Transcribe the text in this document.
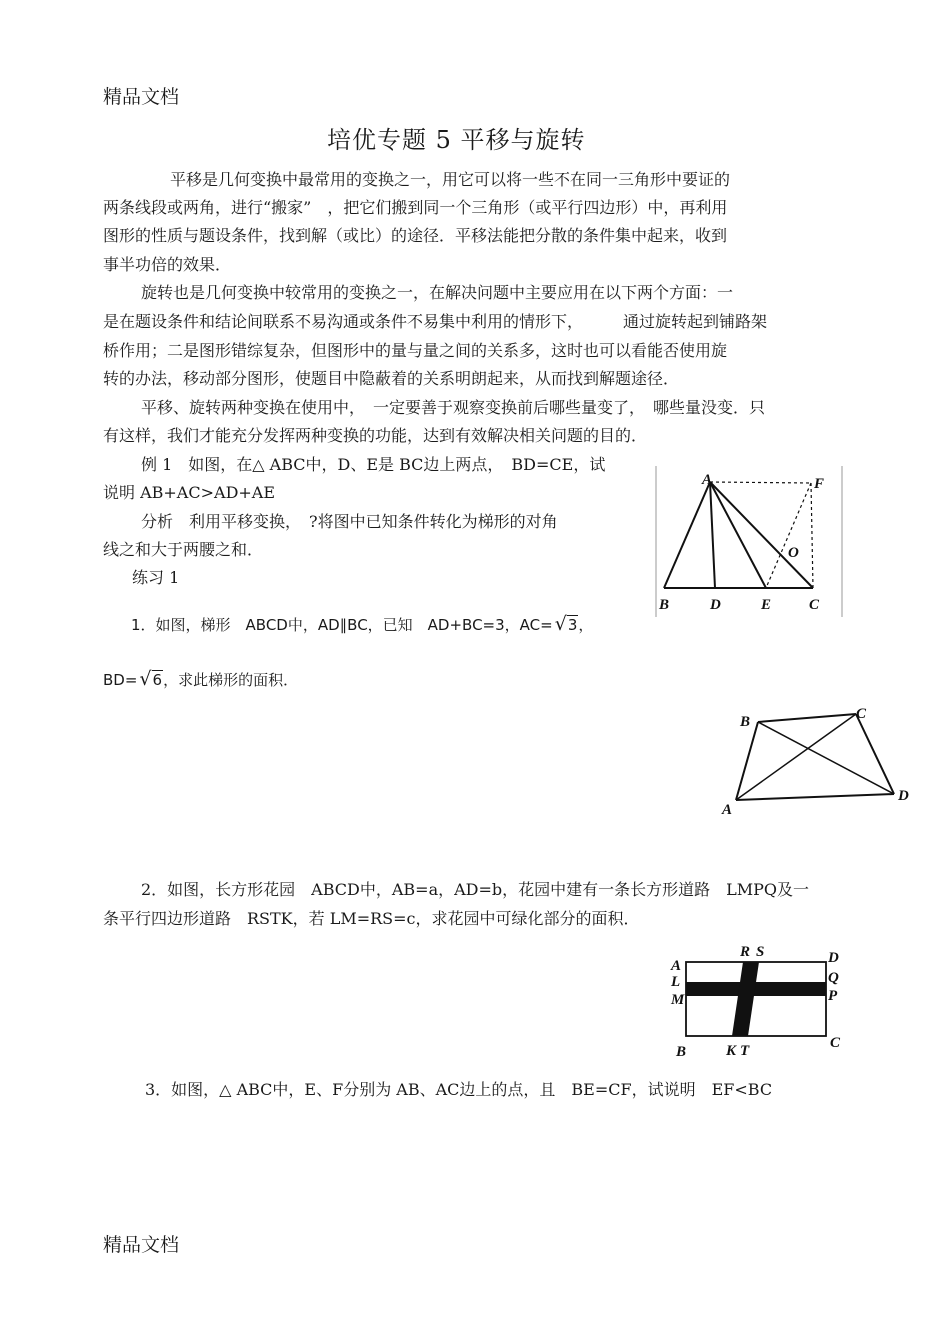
精品文档
培优专题 5 平移与旋转
平移是几何变换中最常用的变换之一，用它可以将一些不在同一三角形中要证的
两条线段或两角，进行“搬家”　，把它们搬到同一个三角形（或平行四边形）中，再利用
图形的性质与题设条件，找到解（或比）的途径．平移法能把分散的条件集中起来，收到
事半功倍的效果．
旋转也是几何变换中较常用的变换之一，在解决问题中主要应用在以下两个方面：一
是在题设条件和结论间联系不易沟通或条件不易集中利用的情形下，　　　通过旋转起到铺路架
桥作用；二是图形错综复杂，但图形中的量与量之间的关系多，这时也可以看能否使用旋
转的办法，移动部分图形，使题目中隐蔽着的关系明朗起来，从而找到解题途径．
平移、旋转两种变换在使用中，　一定要善于观察变换前后哪些量变了，　哪些量没变．只
有这样，我们才能充分发挥两种变换的功能，达到有效解决相关问题的目的．
例 1　如图，在△ ABC中，D、E是 BC边上两点，　BD=CE，试
说明 AB+AC>AD+AE
分析　利用平移变换，　?将图中已知条件转化为梯形的对角
线之和大于两腰之和．
练习 1
A	F
O
B	D	E	C
1．如图，梯形　ABCD中，AD∥BC，已知　AD+BC=3，AC= √3，
BD= √6，求此梯形的面积．
B	C
A
D
2．如图，长方形花园　ABCD中，AB=a，AD=b，花园中建有一条长方形道路　LMPQ及一
条平行四边形道路　RSTK，若 LM=RS=c，求花园中可绿化部分的面积．
A
L
M
R S	D
Q
P
B	K T	C
3．如图，△ ABC中，E、F分别为 AB、AC边上的点，且　BE=CF，试说明　EF<BC
精品文档
